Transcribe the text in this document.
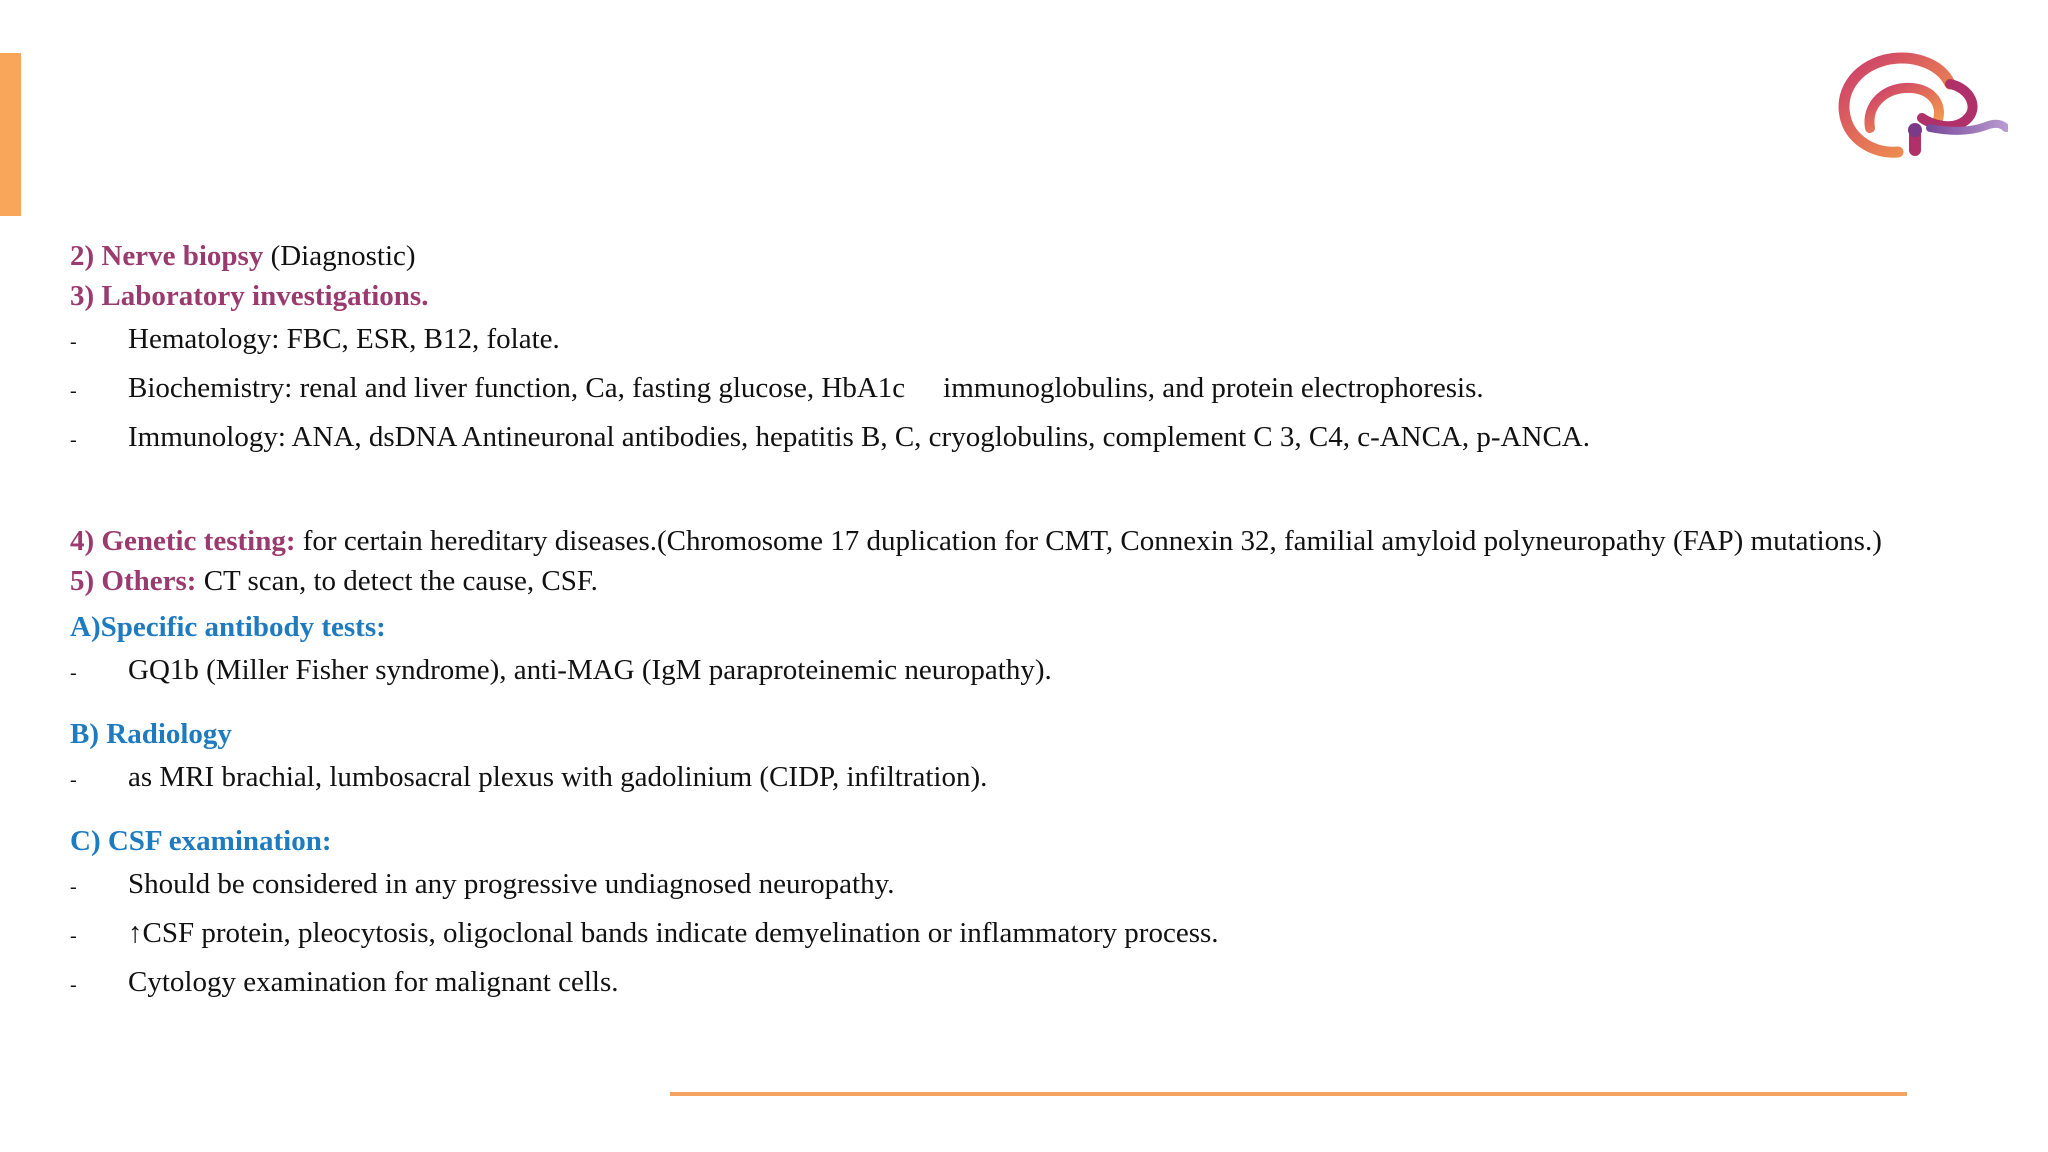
2) Nerve biopsy (Diagnostic)
3) Laboratory investigations.
-	Hematology: FBC, ESR, B12, folate.
-	Biochemistry: renal and liver function, Ca, fasting glucose, HbA1c immunoglobulins, and protein electrophoresis.
-	Immunology: ANA, dsDNA Antineuronal antibodies, hepatitis B, C, cryoglobulins, complement C 3, C4, c-ANCA, p-ANCA.
4) Genetic testing: for certain hereditary diseases.(Chromosome 17 duplication for CMT, Connexin 32, familial amyloid polyneuropathy (FAP) mutations.)
5) Others: CT scan, to detect the cause, CSF.
A)Specific antibody tests:
-	GQ1b (Miller Fisher syndrome), anti-MAG (IgM paraproteinemic neuropathy).
B) Radiology
-	as MRI brachial, lumbosacral plexus with gadolinium (CIDP, infiltration).
C) CSF examination:
-	Should be considered in any progressive undiagnosed neuropathy.
-	↑CSF protein, pleocytosis, oligoclonal bands indicate demyelination or inflammatory process.
-	Cytology examination for malignant cells.
